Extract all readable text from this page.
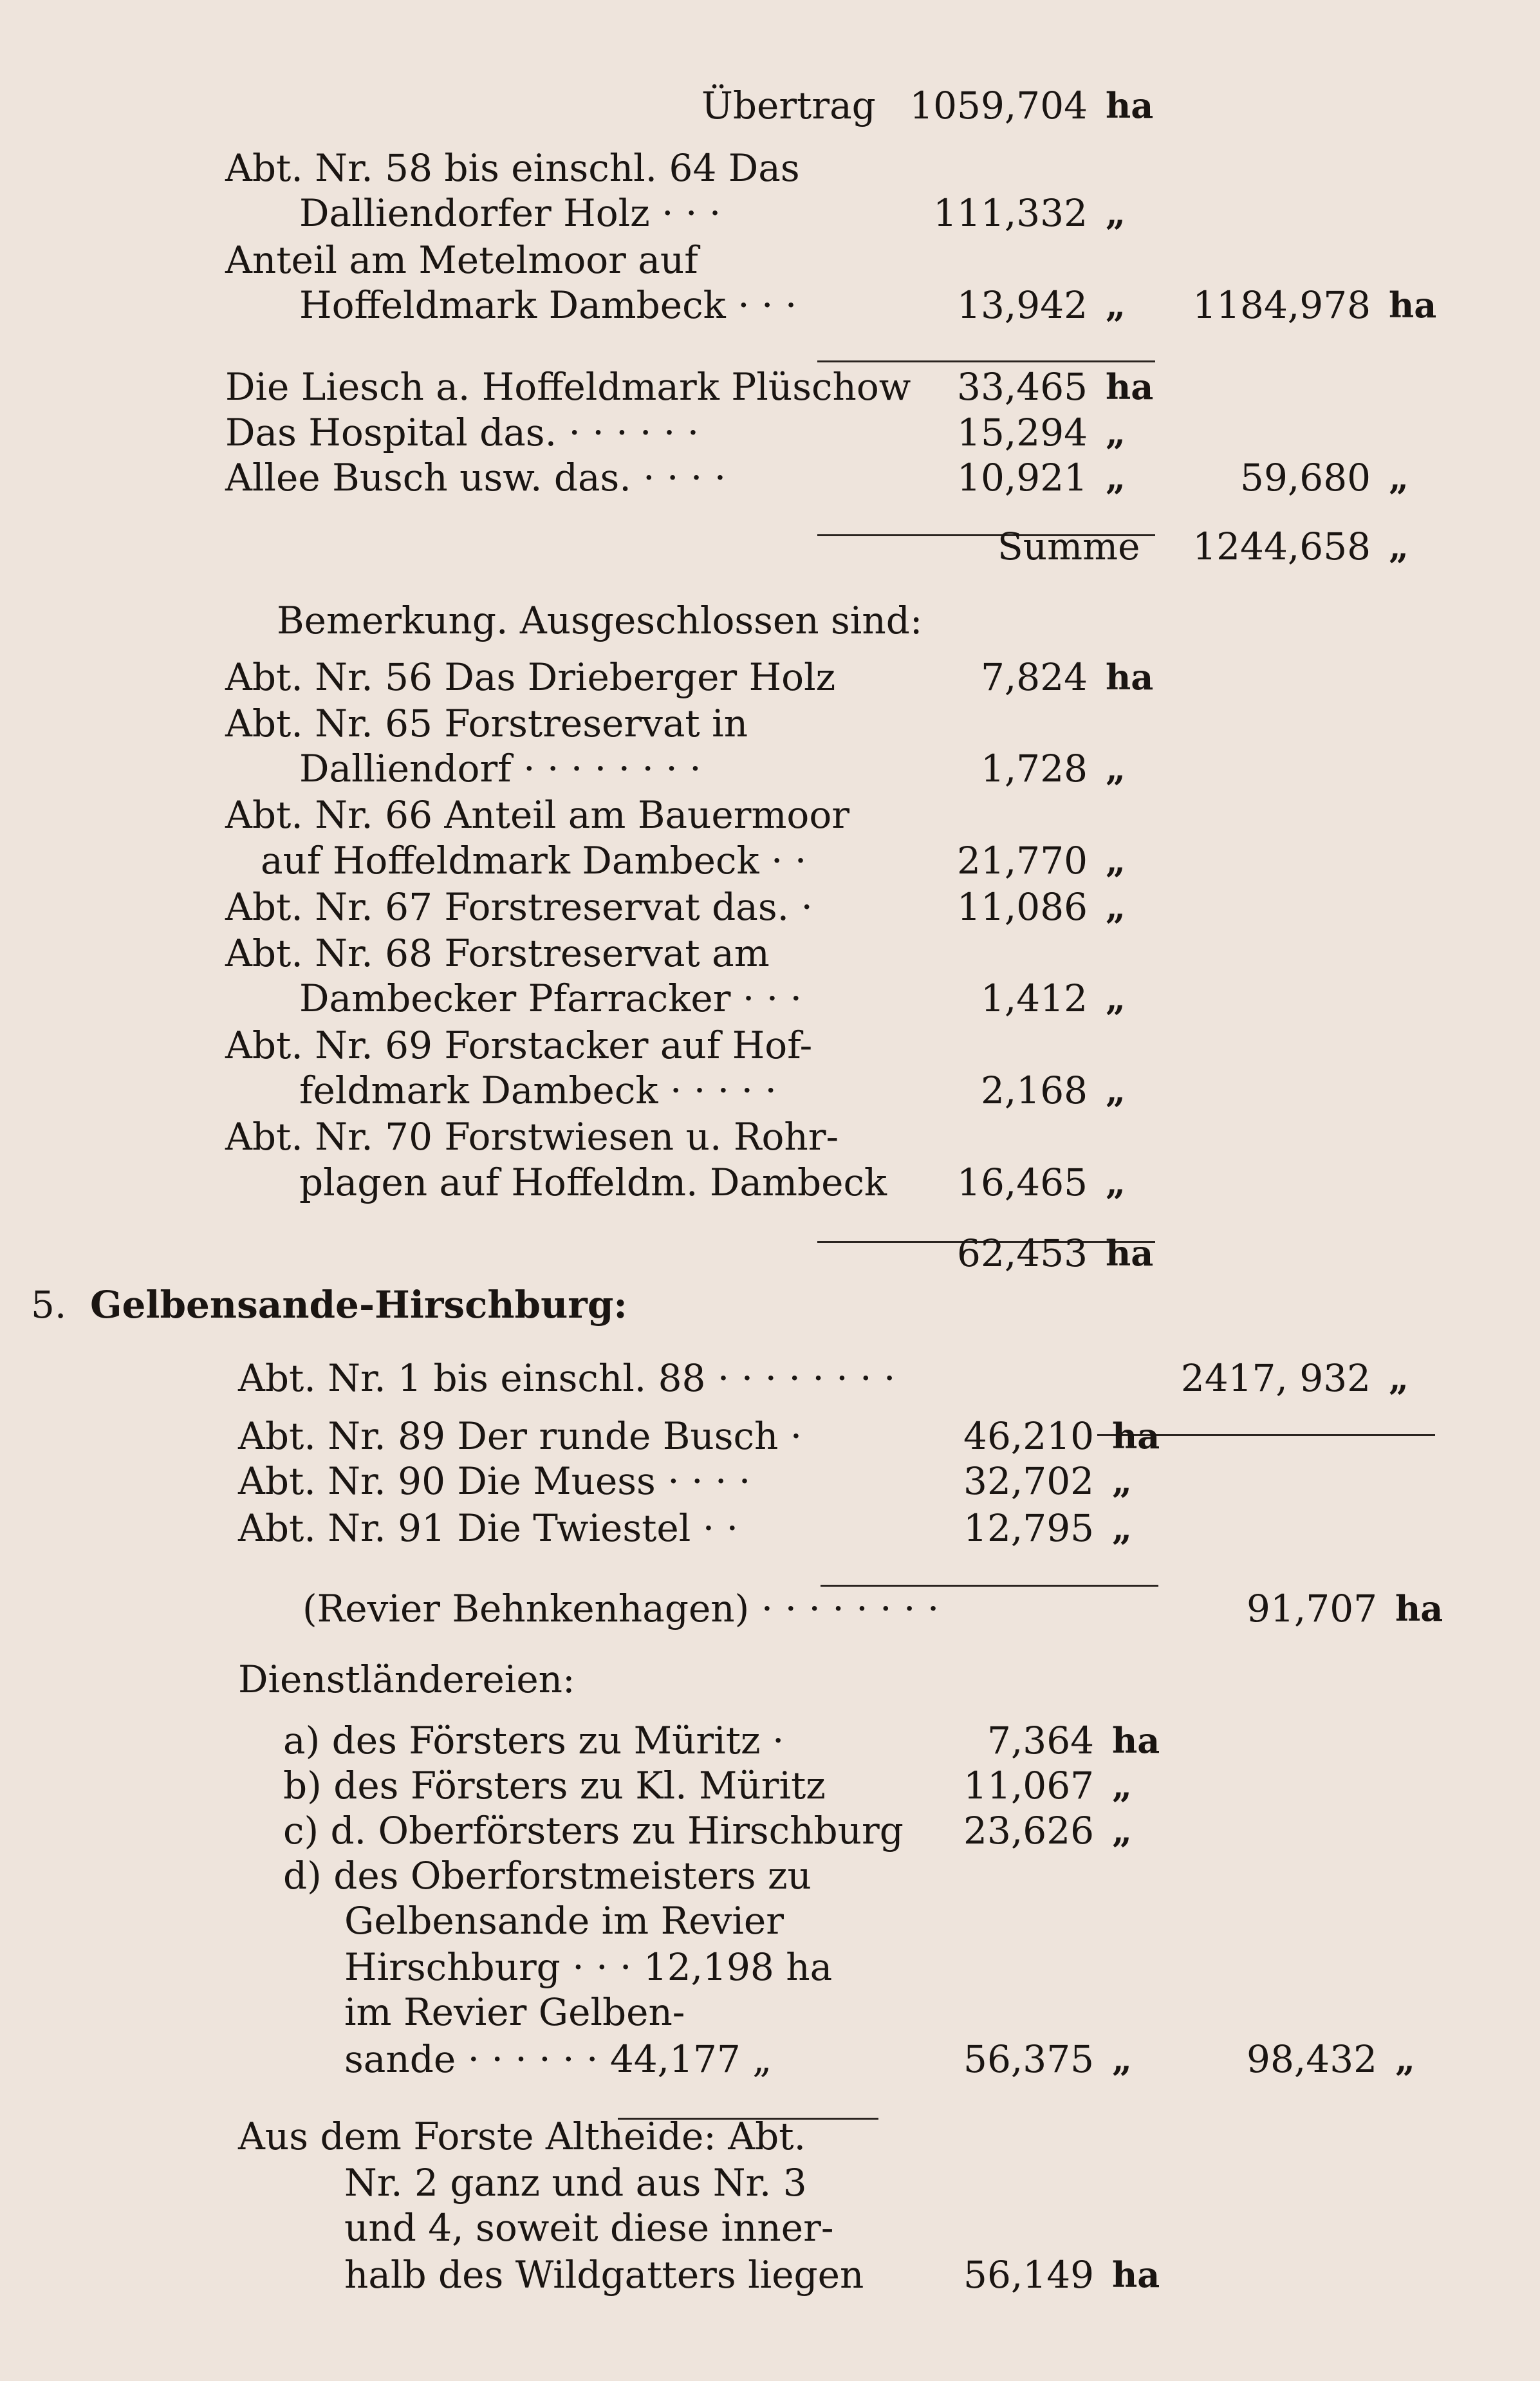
Übertrag
Abt. Nr. 58 bis einschl. 64 Das
Dalliendorfer Holz · · ·
Anteil am Metelmoor auf
Hoffeldmark Dambeck · · ·
Die Liesch a. Hoffeldmark Plüschow
Das Hospital das. · · · · · ·
Allee Busch usw. das. · · · ·
Summe
Bemerkung. Ausgeschlossen sind:
Abt. Nr. 56 Das Drieberger Holz
Abt. Nr. 65 Forstreservat in
Dalliendorf · · · · · · · ·
Abt. Nr. 66 Anteil am Bauermoor
auf Hoffeldmark Dambeck · ·
Abt. Nr. 67 Forstreservat das. ·
Abt. Nr. 68 Forstreservat am
Dambecker Pfarracker · · ·
Abt. Nr. 69 Forstacker auf Hof-
feldmark Dambeck · · · · ·
Abt. Nr. 70 Forstwiesen u. Rohr-
plagen auf Hoffeldm. Dambeck
5. Gelbensande-Hirschburg:
Abt. Nr. 1 bis einschl. 88 · · · · · · · ·
Abt. Nr. 89 Der runde Busch ·
Abt. Nr. 90 Die Muess · · · ·
Abt. Nr. 91 Die Twiestel · ·
(Revier Behnkenhagen) · · · · · · · ·
Dienstländereien:
a) des Försters zu Müritz ·
b) des Försters zu Kl. Müritz
c) d. Oberförsters zu Hirschburg
d) des Oberforstmeisters zu
Gelbensande im Revier
Hirschburg · · · 12,198 ha
im Revier Gelben-
sande · · · · · · 44,177 „
Aus dem Forste Altheide: Abt.
Nr. 2 ganz und aus Nr. 3
und 4, soweit diese inner-
halb des Wildgatters liegen
1059,704 ha
111,332 „
13,942 „ 1184,978 ha
33,465 ha
15,294 „
10,921 „	59,680 „
1244,658 „
7,824 ha
1,728 „
21,770 „
11,086 „
1,412 „
2,168 „
16,465 „
62,453 ha
2417, 932 „
46,210 ha
32,702 „
12,795 „
91,707 ha
7,364 ha
11,067 „
23,626 „
56,375 „	98,432 „
56,149 ha
